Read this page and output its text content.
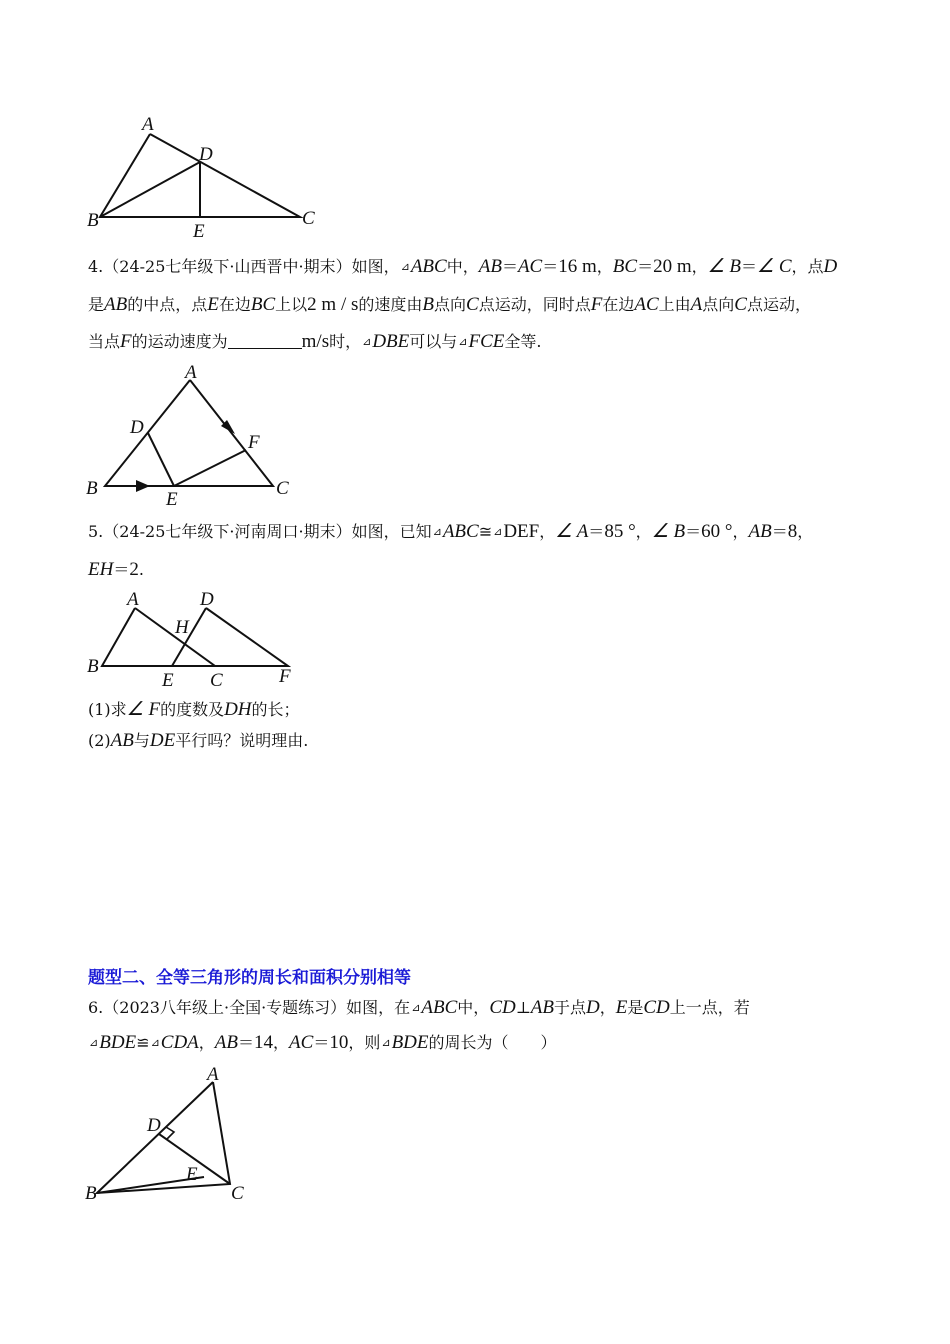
A
D
B	C
E
4.（24-25七年级下·山西晋中·期末）如图，⊿ABC中，AB＝AC＝16 m，BC＝20 m，∠ B＝∠ C，点D
是AB的中点，点E在边BC上以2 m / s的速度由B点向C点运动，同时点F在边AC上由A点向C点运动，
当点F的运动速度为	m/s时，⊿DBE可以与⊿FCE全等.
A
D
F
B	C
E
5.（24-25七年级下·河南周口·期末）如图，已知⊿ABC≅⊿DEF，∠ A＝85 °，∠ B＝60 °，AB＝8，
EH＝2.
A	D
H
B
E C	F
(1)求∠ F的度数及DH的长；
(2)AB与DE平行吗？说明理由.
题型二、全等三角形的周长和面积分别相等
6.（2023八年级上·全国·专题练习）如图，在⊿ABC中，CD⊥AB于点D，E是CD上一点，若
⊿BDE≌⊿CDA，AB＝14，AC＝10，则⊿BDE的周长为（　　）
A
D
E
B	C
